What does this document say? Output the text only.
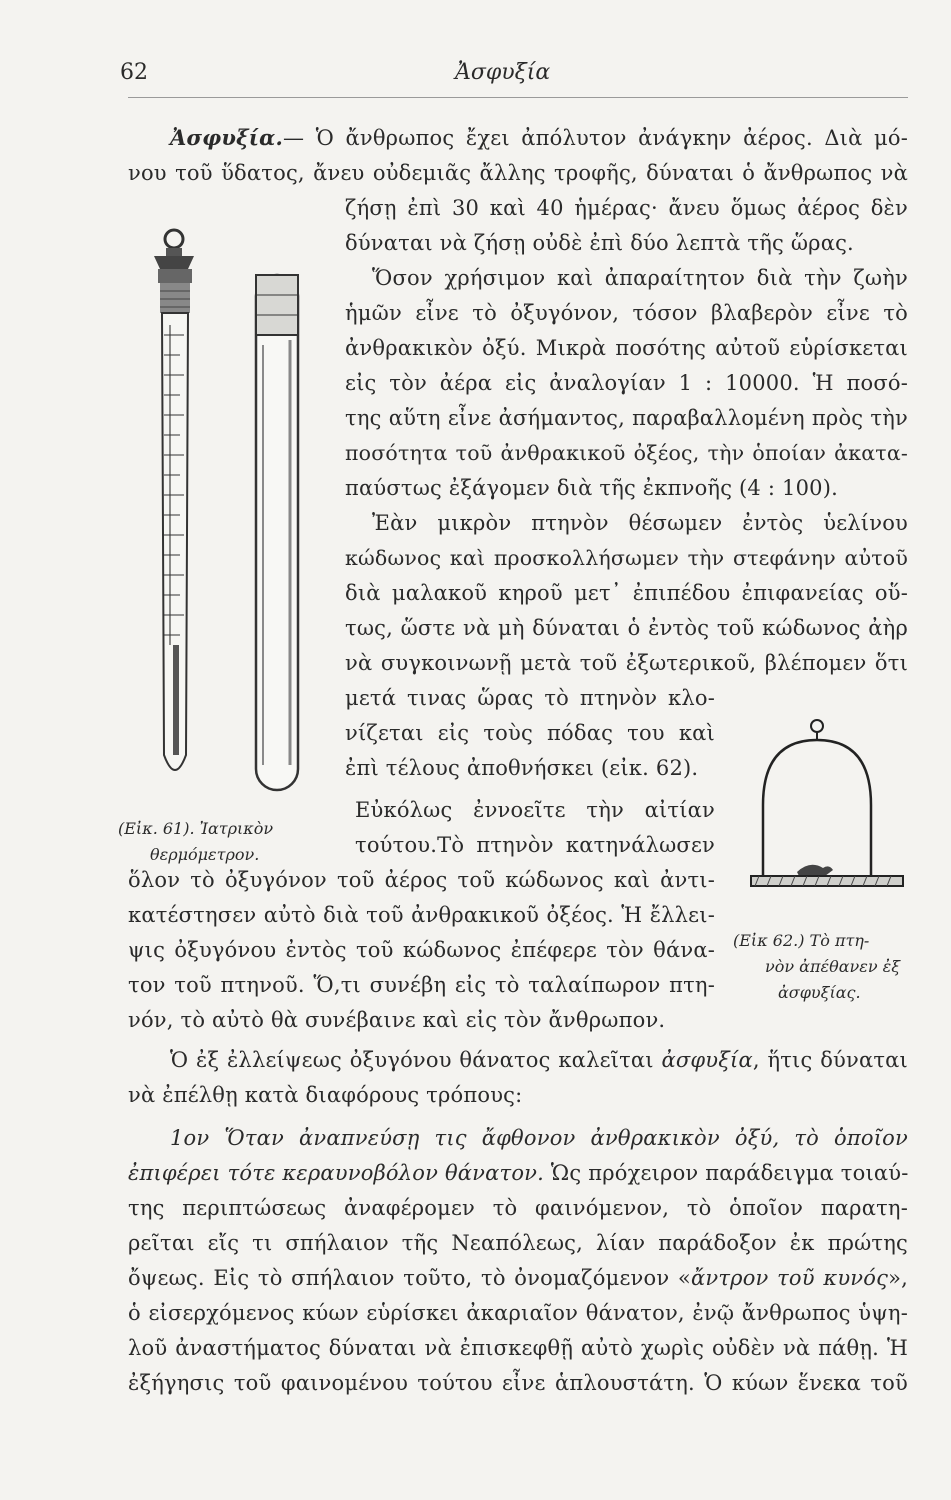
62	Ἀσφυξία
(Εἰκ. 61). Ἰατρικὸν
θερμόμετρον.
(Εἰκ 62.) Τὸ πτη-
νὸν ἀπέθανεν ἐξ
ἀσφυξίας.
Ἀσφυξία.— Ὁ ἄνθρωπος ἔχει ἀπόλυτον ἀνάγκην ἀέρος. Διὰ μό-
νου τοῦ ὕδατος, ἄνευ οὐδεμιᾶς ἄλλης τροφῆς, δύναται ὁ ἄνθρωπος νὰ
ζήσῃ ἐπὶ 30 καὶ 40 ἡμέρας· ἄνευ ὅμως ἀέρος δὲν
δύναται νὰ ζήσῃ οὐδὲ ἐπὶ δύο λεπτὰ τῆς ὥρας.
Ὅσον χρήσιμον καὶ ἀπαραίτητον διὰ τὴν ζωὴν
ἡμῶν εἶνε τὸ ὀξυγόνον, τόσον βλαβερὸν εἶνε τὸ
ἀνθρακικὸν ὀξύ. Μικρὰ ποσότης αὐτοῦ εὑρίσκεται
εἰς τὸν ἀέρα εἰς ἀναλογίαν 1 : 10000. Ἡ ποσό-
της αὕτη εἶνε ἀσήμαντος, παραβαλλομένη πρὸς τὴν
ποσότητα τοῦ ἀνθρακικοῦ ὀξέος, τὴν ὁποίαν ἀκατα-
παύστως ἐξάγομεν διὰ τῆς ἐκπνοῆς (4 : 100).
Ἐὰν μικρὸν πτηνὸν θέσωμεν ἐντὸς ὑελίνου
κώδωνος καὶ προσκολλήσωμεν τὴν στεφάνην αὐτοῦ
διὰ μαλακοῦ κηροῦ μετ᾽ ἐπιπέδου ἐπιφανείας οὕ-
τως, ὥστε νὰ μὴ δύναται ὁ ἐντὸς τοῦ κώδωνος ἀὴρ
νὰ συγκοινωνῇ μετὰ τοῦ ἐξωτερικοῦ, βλέπομεν ὅτι
μετά τινας ὥρας τὸ πτηνὸν κλο-
νίζεται εἰς τοὺς πόδας του καὶ
ἐπὶ τέλους ἀποθνήσκει (εἰκ. 62).
Εὐκόλως ἐννοεῖτε τὴν αἰτίαν
τούτου.Τὸ πτηνὸν κατηνάλωσεν
ὅλον τὸ ὀξυγόνον τοῦ ἀέρος τοῦ κώδωνος καὶ ἀντι-
κατέστησεν αὐτὸ διὰ τοῦ ἀνθρακικοῦ ὀξέος. Ἡ ἔλλει-
ψις ὀξυγόνου ἐντὸς τοῦ κώδωνος ἐπέφερε τὸν θάνα-
τον τοῦ πτηνοῦ. Ὅ,τι συνέβη εἰς τὸ ταλαίπωρον πτη-
νόν, τὸ αὐτὸ θὰ συνέβαινε καὶ εἰς τὸν ἄνθρωπον.
Ὁ ἐξ ἐλλείψεως ὀξυγόνου θάνατος καλεῖται ἀσφυξία, ἥτις δύναται
νὰ ἐπέλθῃ κατὰ διαφόρους τρόπους:
1ον Ὅταν ἀναπνεύσῃ τις ἄφθονον ἀνθρακικὸν ὀξύ, τὸ ὁποῖον
ἐπιφέρει τότε κεραυνοβόλον θάνατον. Ὡς πρόχειρον παράδειγμα τοιαύ-
της περιπτώσεως ἀναφέρομεν τὸ φαινόμενον, τὸ ὁποῖον παρατη-
ρεῖται εἴς τι σπήλαιον τῆς Νεαπόλεως, λίαν παράδοξον ἐκ πρώτης
ὄψεως. Εἰς τὸ σπήλαιον τοῦτο, τὸ ὀνομαζόμενον «ἄντρον τοῦ κυνός»,
ὁ εἰσερχόμενος κύων εὑρίσκει ἀκαριαῖον θάνατον, ἐνῷ ἄνθρωπος ὑψη-
λοῦ ἀναστήματος δύναται νὰ ἐπισκεφθῇ αὐτὸ χωρὶς οὐδὲν νὰ πάθῃ. Ἡ
ἐξήγησις τοῦ φαινομένου τούτου εἶνε ἁπλουστάτη. Ὁ κύων ἕνεκα τοῦ
